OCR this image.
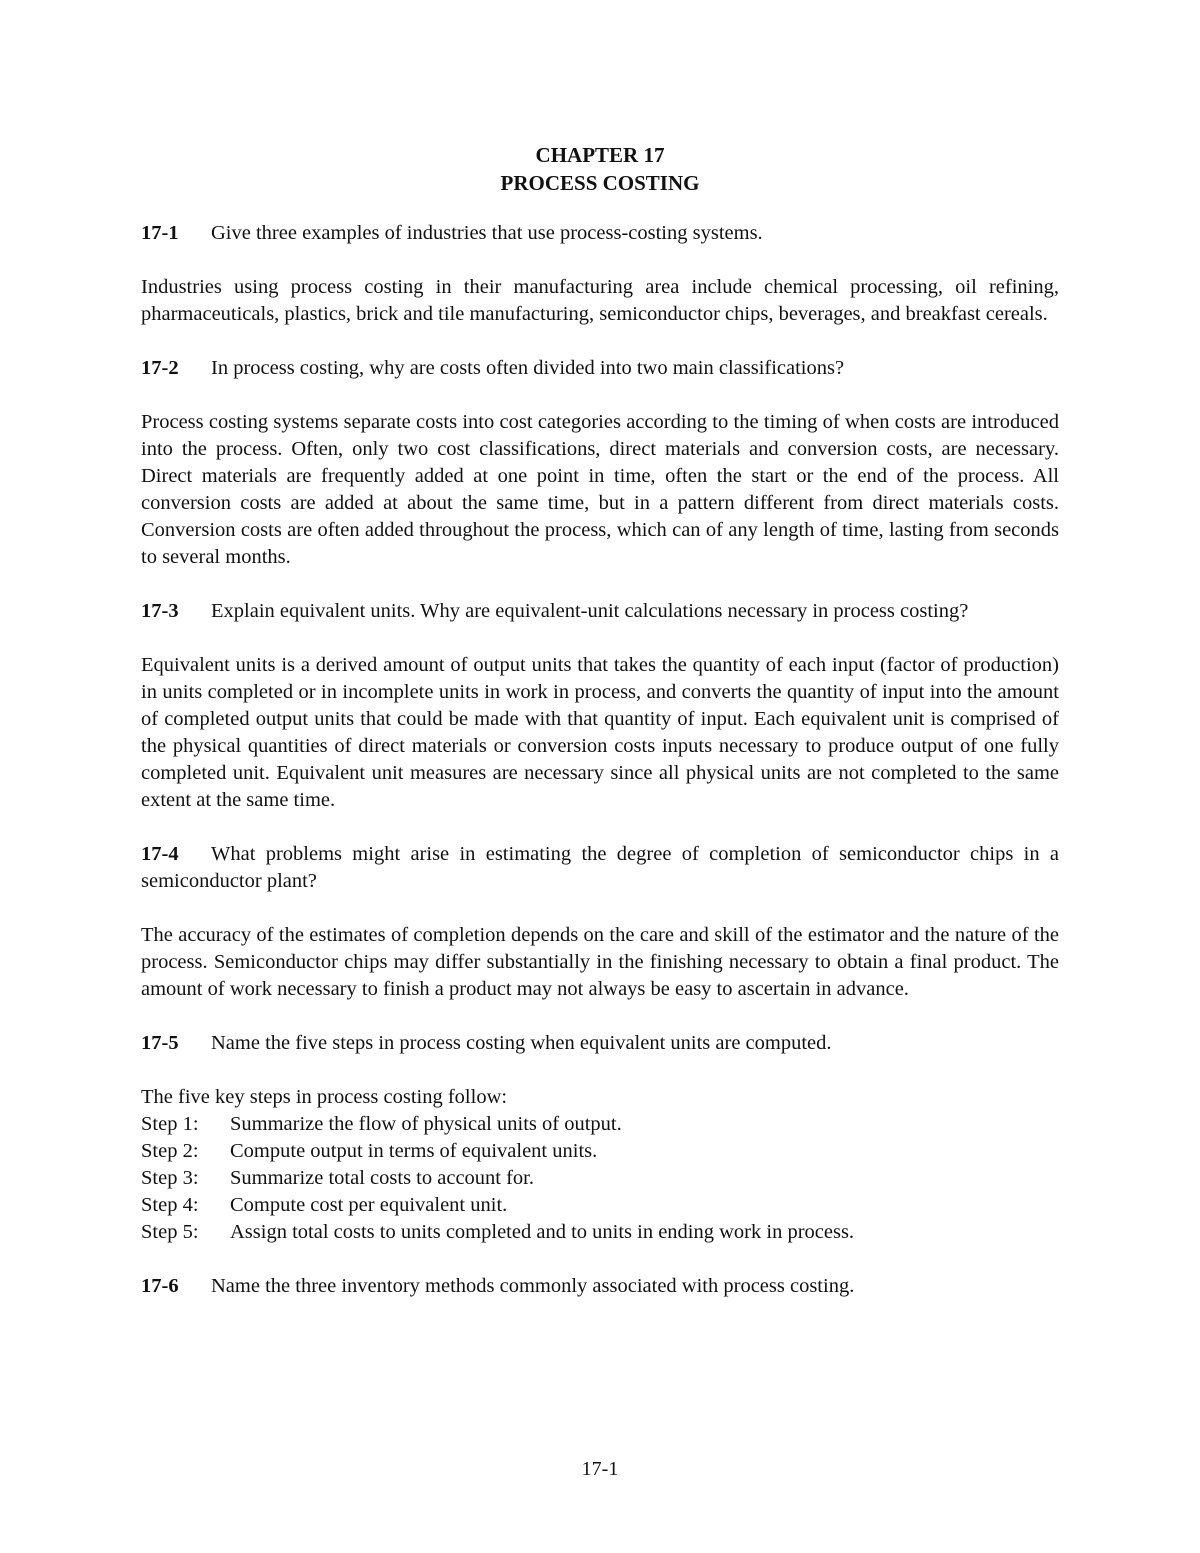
CHAPTER 17
PROCESS COSTING

17-1 Give three examples of industries that use process-costing systems.

Industries using process costing in their manufacturing area include chemical processing, oil refining, pharmaceuticals, plastics, brick and tile manufacturing, semiconductor chips, beverages, and breakfast cereals.

17-2 In process costing, why are costs often divided into two main classifications?

Process costing systems separate costs into cost categories according to the timing of when costs are introduced into the process. Often, only two cost classifications, direct materials and conversion costs, are necessary. Direct materials are frequently added at one point in time, often the start or the end of the process. All conversion costs are added at about the same time, but in a pattern different from direct materials costs. Conversion costs are often added throughout the process, which can of any length of time, lasting from seconds to several months.

17-3 Explain equivalent units. Why are equivalent-unit calculations necessary in process costing?

Equivalent units is a derived amount of output units that takes the quantity of each input (factor of production) in units completed or in incomplete units in work in process, and converts the quantity of input into the amount of completed output units that could be made with that quantity of input. Each equivalent unit is comprised of the physical quantities of direct materials or conversion costs inputs necessary to produce output of one fully completed unit. Equivalent unit measures are necessary since all physical units are not completed to the same extent at the same time.

17-4 What problems might arise in estimating the degree of completion of semiconductor chips in a semiconductor plant?

The accuracy of the estimates of completion depends on the care and skill of the estimator and the nature of the process. Semiconductor chips may differ substantially in the finishing necessary to obtain a final product. The amount of work necessary to finish a product may not always be easy to ascertain in advance.

17-5 Name the five steps in process costing when equivalent units are computed.

The five key steps in process costing follow:

Step 1:	Summarize the flow of physical units of output.
Step 2:	Compute output in terms of equivalent units.
Step 3:	Summarize total costs to account for.
Step 4:	Compute cost per equivalent unit.
Step 5:	Assign total costs to units completed and to units in ending work in process.

17-6 Name the three inventory methods commonly associated with process costing.

17-1
